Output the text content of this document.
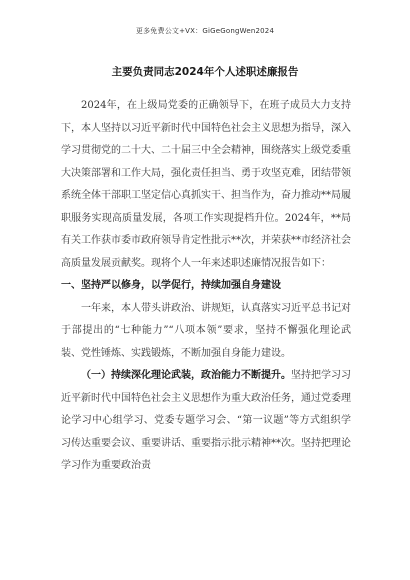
更多免费公文+VX：GiGeGongWen2024
主要负责同志2024年个人述职述廉报告

2024年，在上级局党委的正确领导下，在班子成员大力支持下，本人坚持以习近平新时代中国特色社会主义思想为指导，深入学习贯彻党的二十大、二十届三中全会精神，围绕落实上级党委重大决策部署和工作大局，强化责任担当、勇于攻坚克难，团结带领系统全体干部职工坚定信心真抓实干、担当作为，奋力推动**局履职服务实现高质量发展，各项工作实现提档升位。2024年，**局有关工作获市委市政府领导肯定性批示**次，并荣获**市经济社会高质量发展贡献奖。现将个人一年来述职述廉情况报告如下：

一、坚持严以修身，以学促行，持续加强自身建设

一年来，本人带头讲政治、讲规矩，认真落实习近平总书记对于部提出的“七种能力”“八项本领”要求，坚持不懈强化理论武装、党性锤炼、实践锻炼，不断加强自身能力建设。

（一）持续深化理论武装，政治能力不断提升。坚持把学习习近平新时代中国特色社会主义思想作为重大政治任务，通过党委理论学习中心组学习、党委专题学习会、“第一议题”等方式组织学习传达重要会议、重要讲话、重要指示批示精神**次。坚持把理论学习作为重要政治责
